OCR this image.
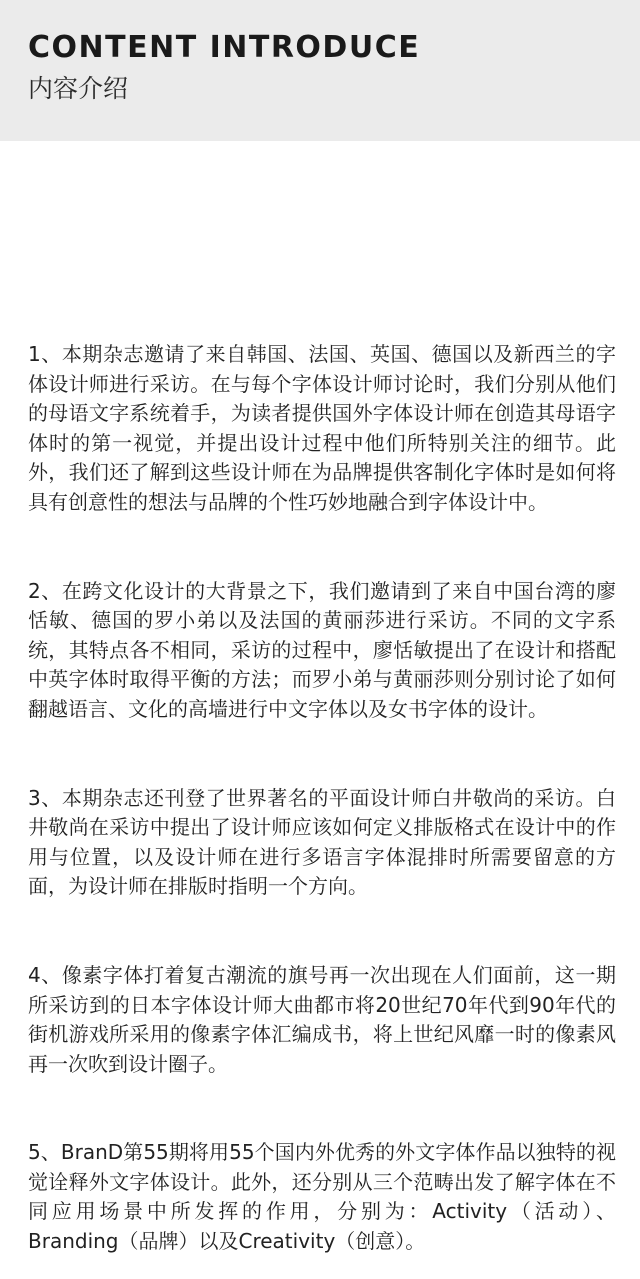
CONTENT INTRODUCE
内容介绍

1、本期杂志邀请了来自韩国、法国、英国、德国以及新西兰的字体设计师进行采访。在与每个字体设计师讨论时，我们分别从他们的母语文字系统着手，为读者提供国外字体设计师在创造其母语字体时的第一视觉，并提出设计过程中他们所特别关注的细节。此外，我们还了解到这些设计师在为品牌提供客制化字体时是如何将具有创意性的想法与品牌的个性巧妙地融合到字体设计中。

2、在跨文化设计的大背景之下，我们邀请到了来自中国台湾的廖恬敏、德国的罗小弟以及法国的黄丽莎进行采访。不同的文字系统，其特点各不相同，采访的过程中，廖恬敏提出了在设计和搭配中英字体时取得平衡的方法；而罗小弟与黄丽莎则分别讨论了如何翻越语言、文化的高墙进行中文字体以及女书字体的设计。

3、本期杂志还刊登了世界著名的平面设计师白井敬尚的采访。白井敬尚在采访中提出了设计师应该如何定义排版格式在设计中的作用与位置，以及设计师在进行多语言字体混排时所需要留意的方面，为设计师在排版时指明一个方向。

4、像素字体打着复古潮流的旗号再一次出现在人们面前，这一期所采访到的日本字体设计师大曲都市将20世纪70年代到90年代的街机游戏所采用的像素字体汇编成书，将上世纪风靡一时的像素风再一次吹到设计圈子。

5、BranD第55期将用55个国内外优秀的外文字体作品以独特的视觉诠释外文字体设计。此外，还分别从三个范畴出发了解字体在不同应用场景中所发挥的作用，分别为：Activity（活动）、Branding（品牌）以及Creativity（创意）。
